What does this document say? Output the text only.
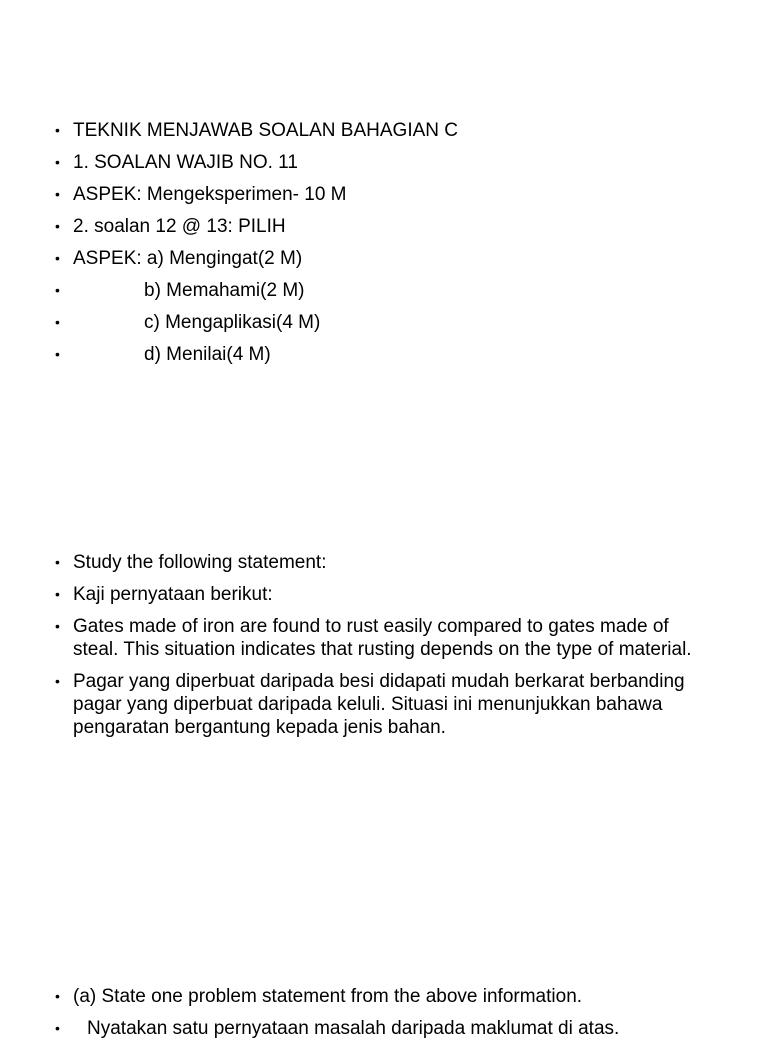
• TEKNIK MENJAWAB SOALAN BAHAGIAN C
• 1. SOALAN WAJIB NO. 11
• ASPEK: Mengeksperimen- 10 M
• 2. soalan 12 @ 13: PILIH
• ASPEK: a) Mengingat(2 M)
•	b) Memahami(2 M)
•	c) Mengaplikasi(4 M)
•	d) Menilai(4 M)
• Study the following statement:
• Kaji pernyataan berikut:
• Gates made of iron are found to rust easily compared to gates made of steal. This situation indicates that rusting depends on the type of material.
• Pagar yang diperbuat daripada besi didapati mudah berkarat berbanding pagar yang diperbuat daripada keluli. Situasi ini menunjukkan bahawa pengaratan bergantung kepada jenis bahan.
• (a) State one problem statement from the above information.
• Nyatakan satu pernyataan masalah daripada maklumat di atas.
